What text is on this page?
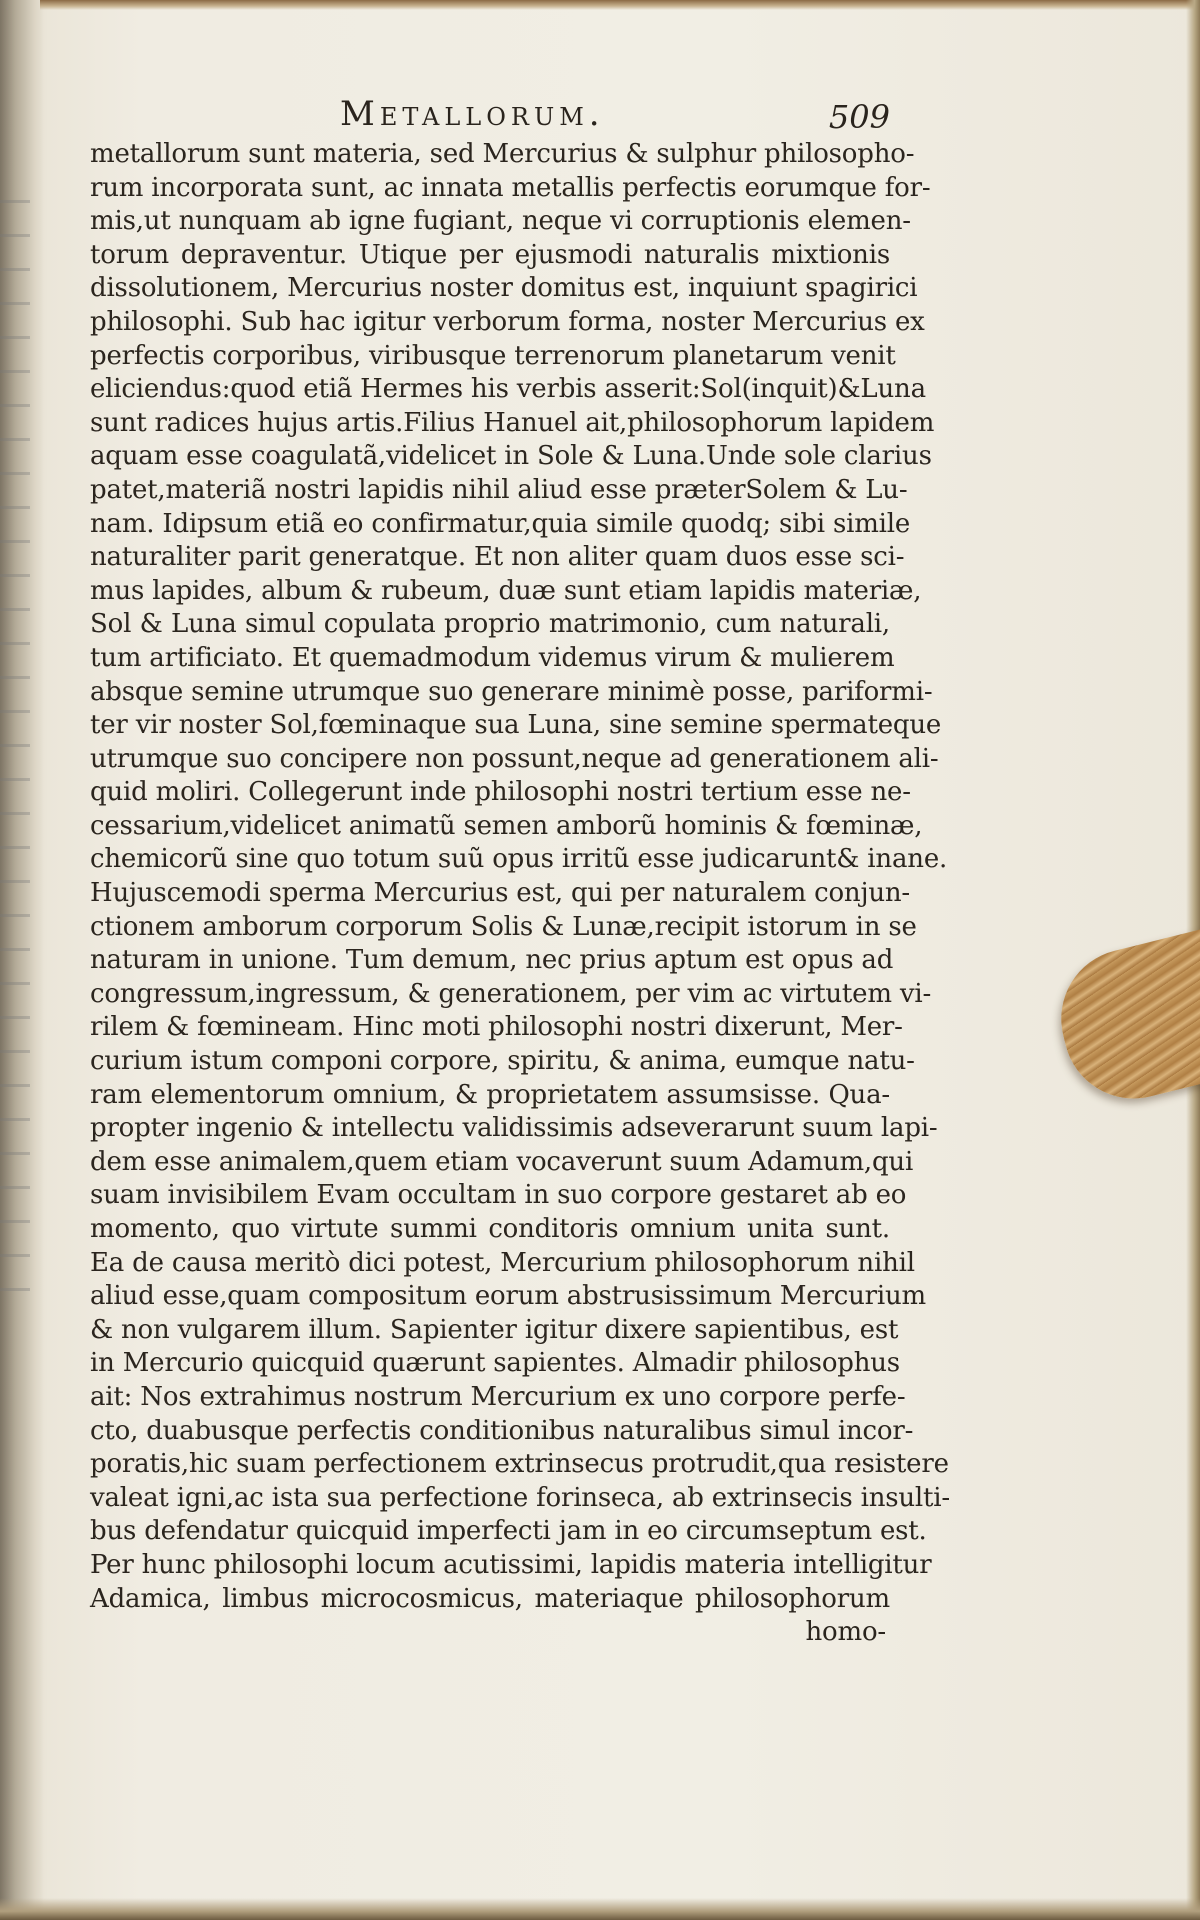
Metallorum.	509
metallorum sunt materia, sed Mercurius & sulphur philosopho-
rum incorporata sunt, ac innata metallis perfectis eorumque for-
mis,ut nunquam ab igne fugiant, neque vi corruptionis elemen-
torum depraventur. Utique per ejusmodi naturalis mixtionis
dissolutionem, Mercurius noster domitus est, inquiunt spagirici
philosophi. Sub hac igitur verborum forma, noster Mercurius ex
perfectis corporibus, viribusque terrenorum planetarum venit
eliciendus:quod etiã Hermes his verbis asserit:Sol(inquit)&Luna
sunt radices hujus artis.Filius Hanuel ait,philosophorum lapidem
aquam esse coagulatã,videlicet in Sole & Luna.Unde sole clarius
patet,materiã nostri lapidis nihil aliud esse præterSolem & Lu-
nam. Idipsum etiã eo confirmatur,quia simile quodq; sibi simile
naturaliter parit generatque. Et non aliter quam duos esse sci-
mus lapides, album & rubeum, duæ sunt etiam lapidis materiæ,
Sol & Luna simul copulata proprio matrimonio, cum naturali,
tum artificiato. Et quemadmodum videmus virum & mulierem
absque semine utrumque suo generare minimè posse, pariformi-
ter vir noster Sol,fœminaque sua Luna, sine semine spermateque
utrumque suo concipere non possunt,neque ad generationem ali-
quid moliri. Collegerunt inde philosophi nostri tertium esse ne-
cessarium,videlicet animatũ semen amborũ hominis & fœminæ,
chemicorũ sine quo totum suũ opus irritũ esse judicarunt& inane.
Hujuscemodi sperma Mercurius est, qui per naturalem conjun-
ctionem amborum corporum Solis & Lunæ,recipit istorum in se
naturam in unione. Tum demum, nec prius aptum est opus ad
congressum,ingressum, & generationem, per vim ac virtutem vi-
rilem & fœmineam. Hinc moti philosophi nostri dixerunt, Mer-
curium istum componi corpore, spiritu, & anima, eumque natu-
ram elementorum omnium, & proprietatem assumsisse. Qua-
propter ingenio & intellectu validissimis adseverarunt suum lapi-
dem esse animalem,quem etiam vocaverunt suum Adamum,qui
suam invisibilem Evam occultam in suo corpore gestaret ab eo
momento, quo virtute summi conditoris omnium unita sunt.
Ea de causa meritò dici potest, Mercurium philosophorum nihil
aliud esse,quam compositum eorum abstrusissimum Mercurium
& non vulgarem illum. Sapienter igitur dixere sapientibus, est
in Mercurio quicquid quærunt sapientes. Almadir philosophus
ait: Nos extrahimus nostrum Mercurium ex uno corpore perfe-
cto, duabusque perfectis conditionibus naturalibus simul incor-
poratis,hic suam perfectionem extrinsecus protrudit,qua resistere
valeat igni,ac ista sua perfectione forinseca, ab extrinsecis insulti-
bus defendatur quicquid imperfecti jam in eo circumseptum est.
Per hunc philosophi locum acutissimi, lapidis materia intelligitur
Adamica, limbus microcosmicus, materiaque philosophorum
homo-
